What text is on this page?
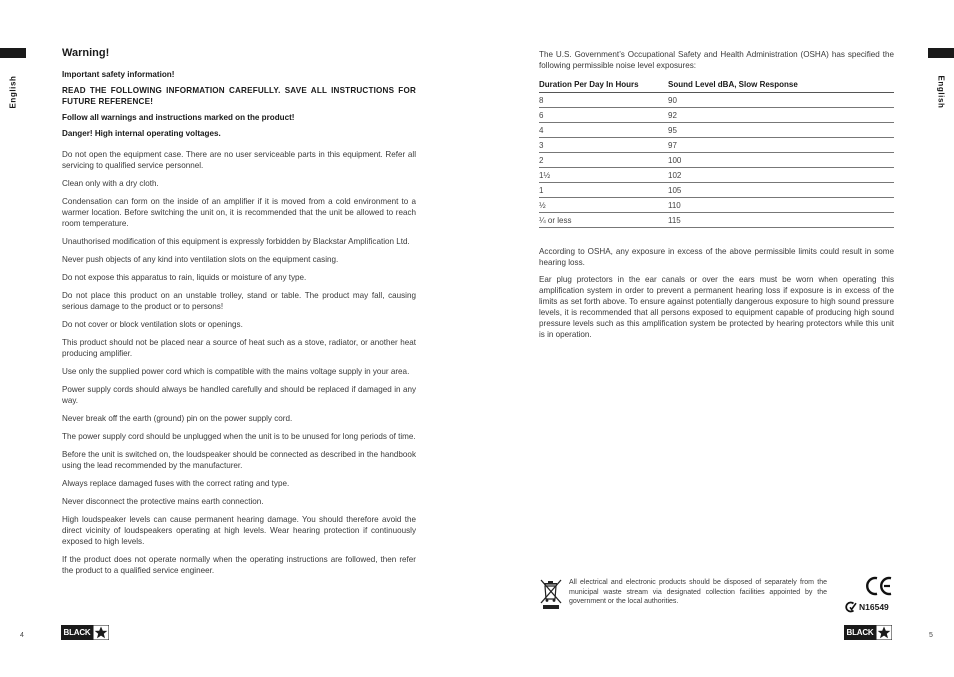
English	English
Warning!
Important safety information!
READ THE FOLLOWING INFORMATION CAREFULLY. SAVE ALL INSTRUCTIONS FOR FUTURE REFERENCE!
Follow all warnings and instructions marked on the product!
Danger! High internal operating voltages.
Do not open the equipment case. There are no user serviceable parts in this equipment. Refer all servicing to qualified service personnel.
Clean only with a dry cloth.
Condensation can form on the inside of an amplifier if it is moved from a cold environment to a warmer location. Before switching the unit on, it is recommended that the unit be allowed to reach room temperature.
Unauthorised modification of this equipment is expressly forbidden by Blackstar Amplification Ltd.
Never push objects of any kind into ventilation slots on the equipment casing.
Do not expose this apparatus to rain, liquids or moisture of any type.
Do not place this product on an unstable trolley, stand or table. The product may fall, causing serious damage to the product or to persons!
Do not cover or block ventilation slots or openings.
This product should not be placed near a source of heat such as a stove, radiator, or another heat producing amplifier.
Use only the supplied power cord which is compatible with the mains voltage supply in your area.
Power supply cords should always be handled carefully and should be replaced if damaged in any way.
Never break off the earth (ground) pin on the power supply cord.
The power supply cord should be unplugged when the unit is to be unused for long periods of time.
Before the unit is switched on, the loudspeaker should be connected as described in the handbook using the lead recommended by the manufacturer.
Always replace damaged fuses with the correct rating and type.
Never disconnect the protective mains earth connection.
High loudspeaker levels can cause permanent hearing damage. You should therefore avoid the direct vicinity of loudspeakers operating at high levels. Wear hearing protection if continuously exposed to high levels.
If the product does not operate normally when the operating instructions are followed, then refer the product to a qualified service engineer.
The U.S. Government’s Occupational Safety and Health Administration (OSHA) has specified the following permissible noise level exposures:
Duration Per Day In Hours	Sound Level dBA, Slow Response
8	90
6	92
4	95
3	97
2	100
1½	102
1	105
½	110
¼ or less	115
According to OSHA, any exposure in excess of the above permissible limits could result in some hearing loss.
Ear plug protectors in the ear canals or over the ears must be worn when operating this amplification system in order to prevent a permanent hearing loss if exposure is in excess of the limits as set forth above. To ensure against potentially dangerous exposure to high sound pressure levels, it is recommended that all persons exposed to equipment capable of producing high sound pressure levels such as this amplification system be protected by hearing protectors while this unit is in operation.
All electrical and electronic products should be disposed of separately from the municipal waste stream via designated collection facilities appointed by the government or the local authorities.
N16549
4	5
BLACK	BLACK
